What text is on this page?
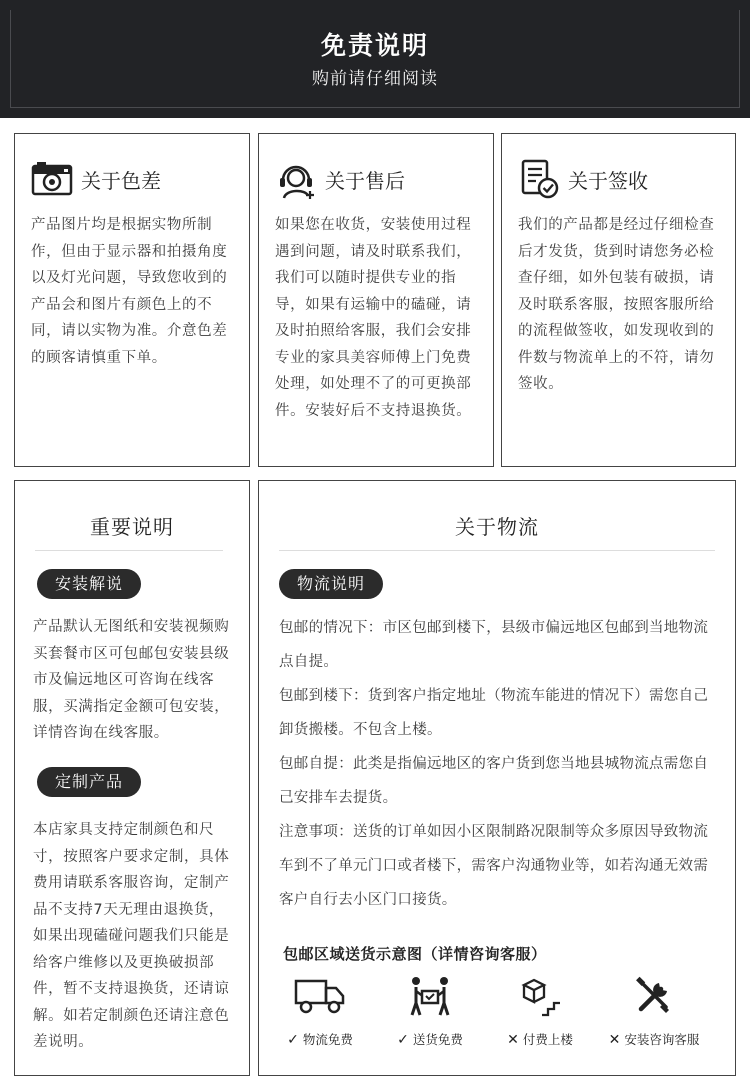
免责说明
购前请仔细阅读
关于色差
产品图片均是根据实物所制作，但由于显示器和拍摄角度以及灯光问题，导致您收到的产品会和图片有颜色上的不同，请以实物为准。介意色差的顾客请慎重下单。
关于售后
如果您在收货，安装使用过程遇到问题，请及时联系我们，我们可以随时提供专业的指导，如果有运输中的磕碰，请及时拍照给客服，我们会安排专业的家具美容师傅上门免费处理，如处理不了的可更换部件。安装好后不支持退换货。
关于签收
我们的产品都是经过仔细检查后才发货，货到时请您务必检查仔细，如外包装有破损，请及时联系客服，按照客服所给的流程做签收，如发现收到的件数与物流单上的不符，请勿签收。
重要说明
安装解说
产品默认无图纸和安装视频购买套餐市区可包邮包安装县级市及偏远地区可咨询在线客服，买满指定金额可包安装，详情咨询在线客服。
定制产品
本店家具支持定制颜色和尺寸，按照客户要求定制，具体费用请联系客服咨询，定制产品不支持7天无理由退换货，如果出现磕碰问题我们只能是给客户维修以及更换破损部件，暂不支持退换货，还请谅解。如若定制颜色还请注意色差说明。
关于物流
物流说明
包邮的情况下：市区包邮到楼下，县级市偏远地区包邮到当地物流点自提。
包邮到楼下：货到客户指定地址（物流车能进的情况下）需您自己卸货搬楼。不包含上楼。
包邮自提：此类是指偏远地区的客户货到您当地县城物流点需您自己安排车去提货。
注意事项：送货的订单如因小区限制路况限制等众多原因导致物流车到不了单元门口或者楼下，需客户沟通物业等，如若沟通无效需客户自行去小区门口接货。
包邮区域送货示意图（详情咨询客服）
✓ 物流免费	✓ 送货免费	✕ 付费上楼	✕ 安装咨询客服
